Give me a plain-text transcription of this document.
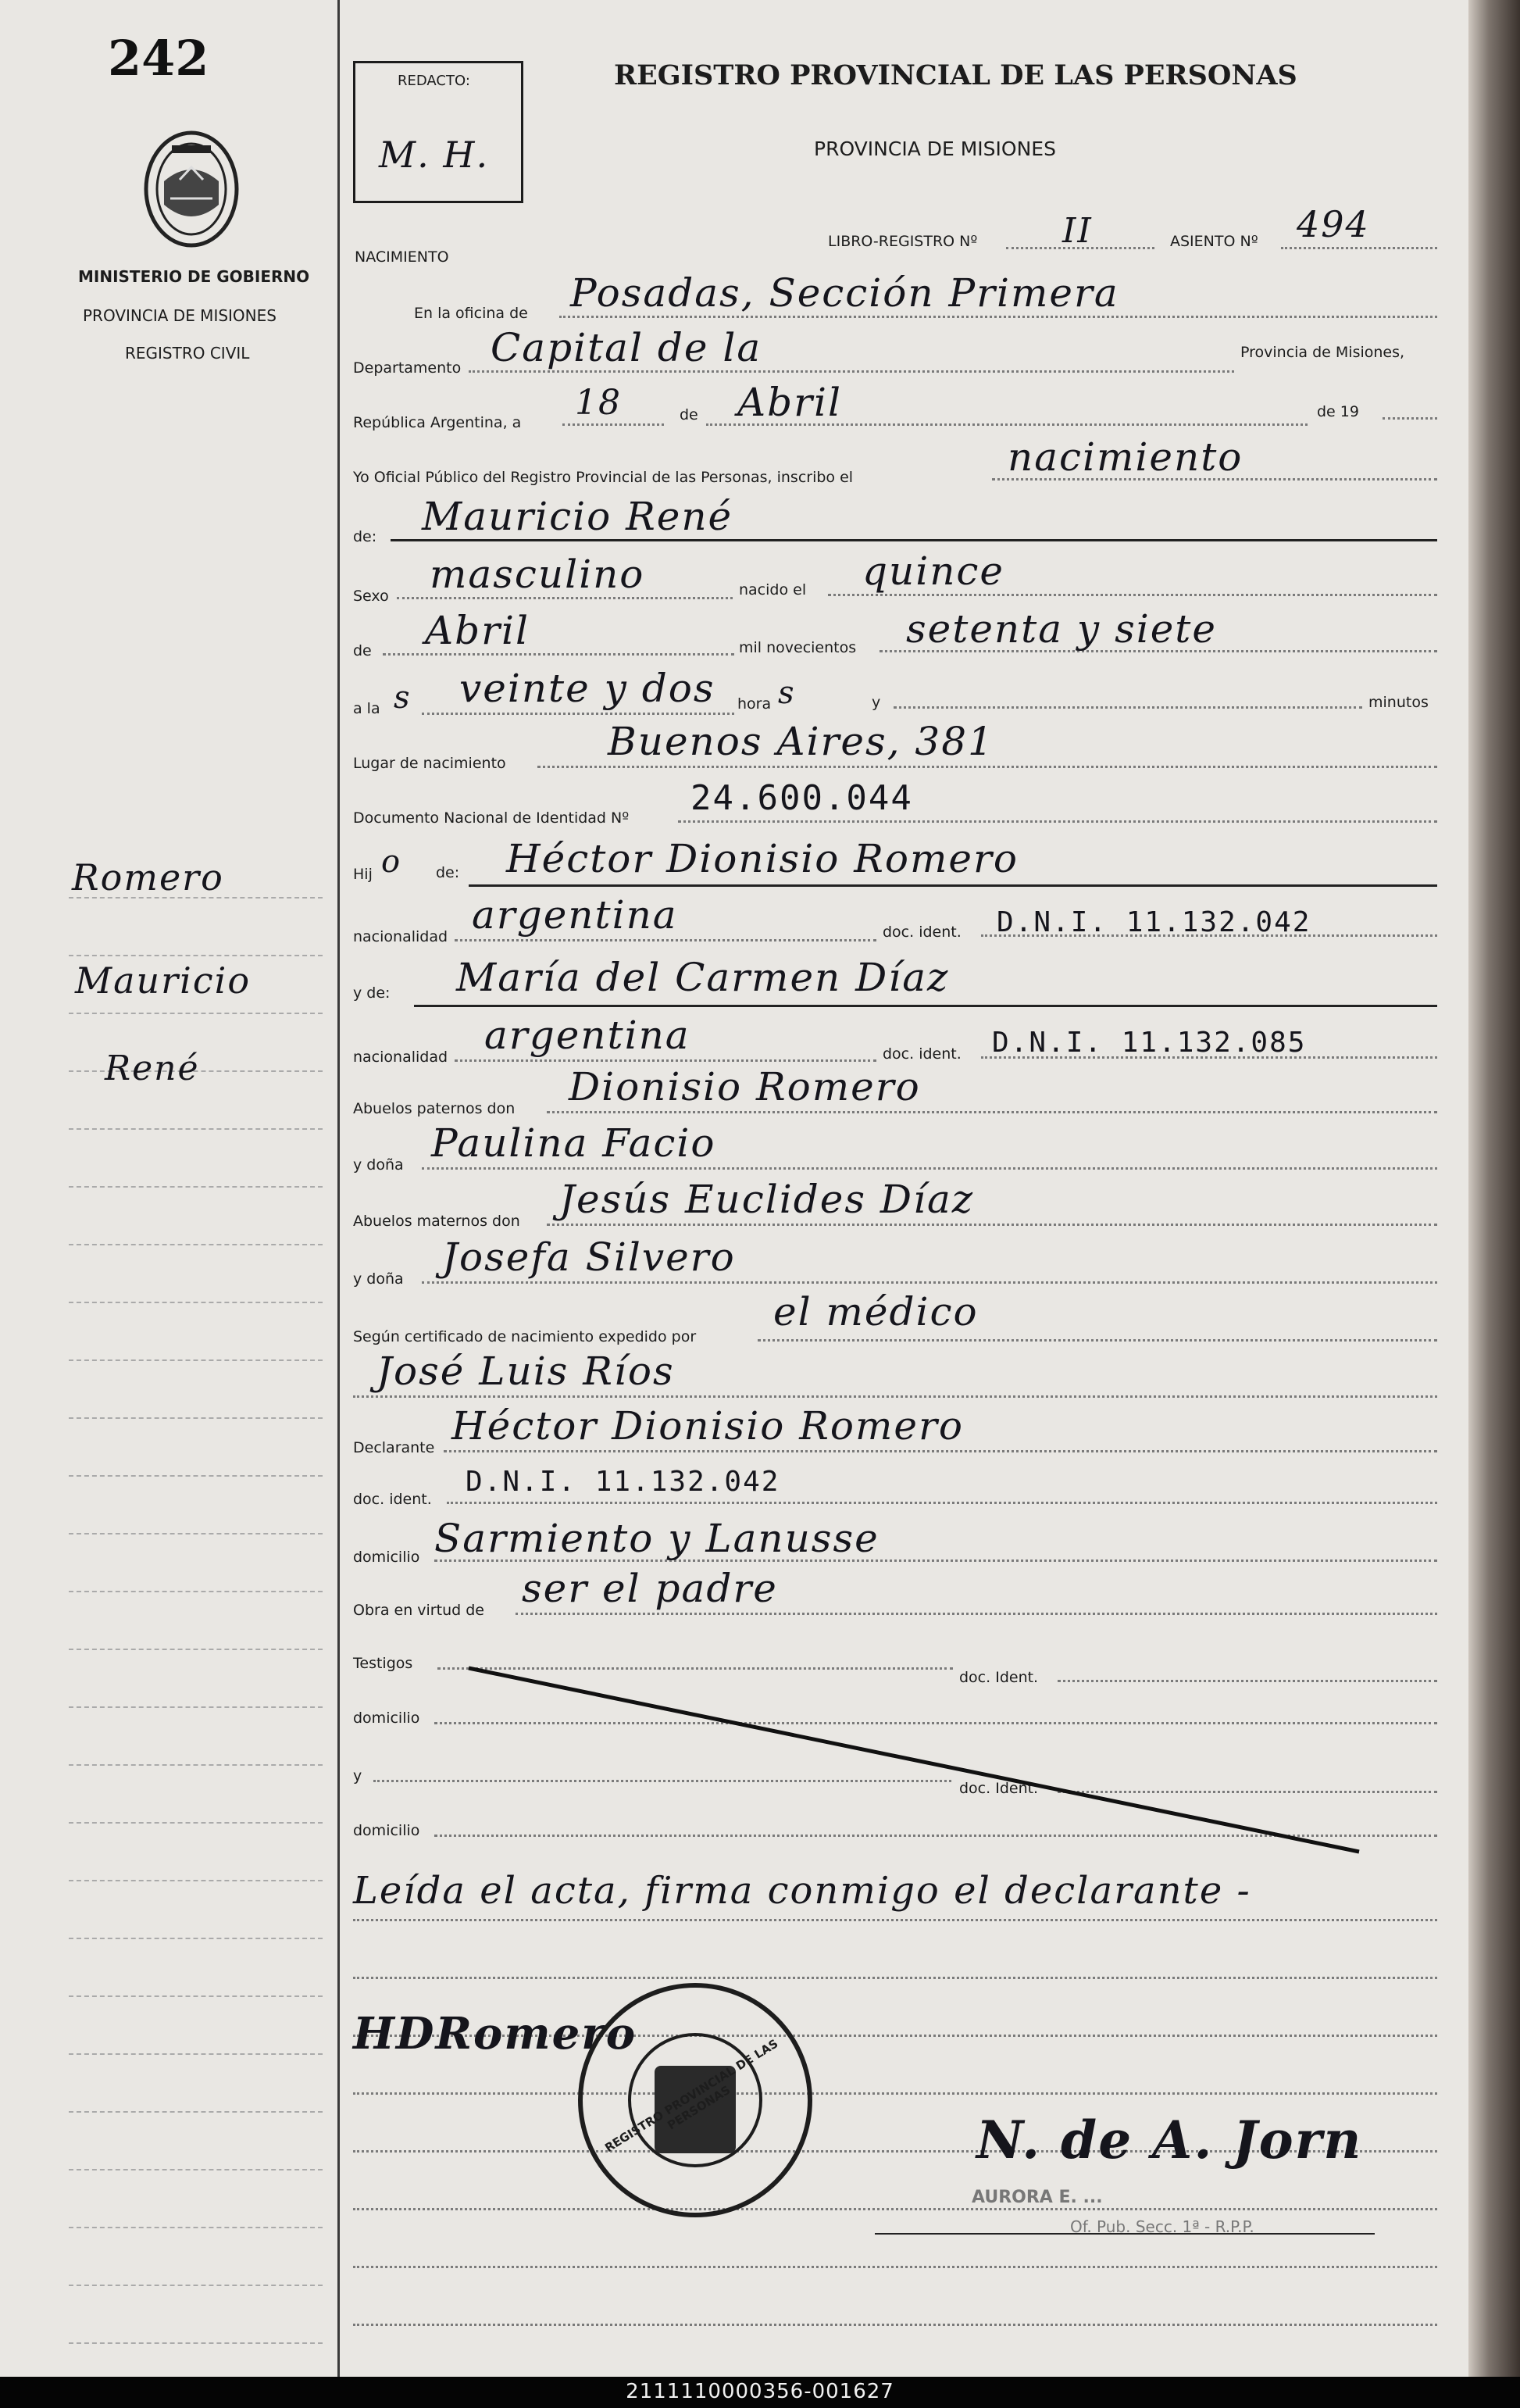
242
MINISTERIO DE GOBIERNO
PROVINCIA DE MISIONES
REGISTRO CIVIL
Romero
Mauricio
René
REDACTO:
M. H.
REGISTRO PROVINCIAL DE LAS PERSONAS
PROVINCIA DE MISIONES
NACIMIENTO
LIBRO-REGISTRO Nº II	ASIENTO Nº 494
En la oficina de Posadas, Sección Primera
Departamento Capital de la	Provincia de Misiones,
República Argentina, a 18	de Abril	de 19
Yo Oficial Público del Registro Provincial de las Personas, inscribo el	nacimiento
de: Mauricio René
Sexo masculino	nacido el quince
de Abril	mil novecientos setenta y siete
a la s veinte y dos hora s	y	minutos
Lugar de nacimiento	Buenos Aires, 381
Documento Nacional de Identidad Nº 24.600.044
Hij o de: Héctor Dionisio Romero
nacionalidad argentina	doc. ident. D.N.I. 11.132.042
y de: María del Carmen Díaz
nacionalidad argentina	doc. ident. D.N.I. 11.132.085
Abuelos paternos don Dionisio Romero
y doña Paulina Facio
Abuelos maternos don Jesús Euclides Díaz
y doña Josefa Silvero
Según certificado de nacimiento expedido por
el médico
José Luis Ríos
Declarante Héctor Dionisio Romero
doc. ident.
D.N.I. 11.132.042
domicilio Sarmiento y Lanusse
Obra en virtud de ser el padre
Testigos
doc. Ident.
domicilio
y
doc. Ident.
domicilio
Leída el acta, firma conmigo el declarante -
HDRomero
REGISTRO PROVINCIAL DE LAS PERSONAS
N. de A. Jorn
AURORA E. ...
Of. Pub. Secc. 1ª - R.P.P.
2111110000356-001627
